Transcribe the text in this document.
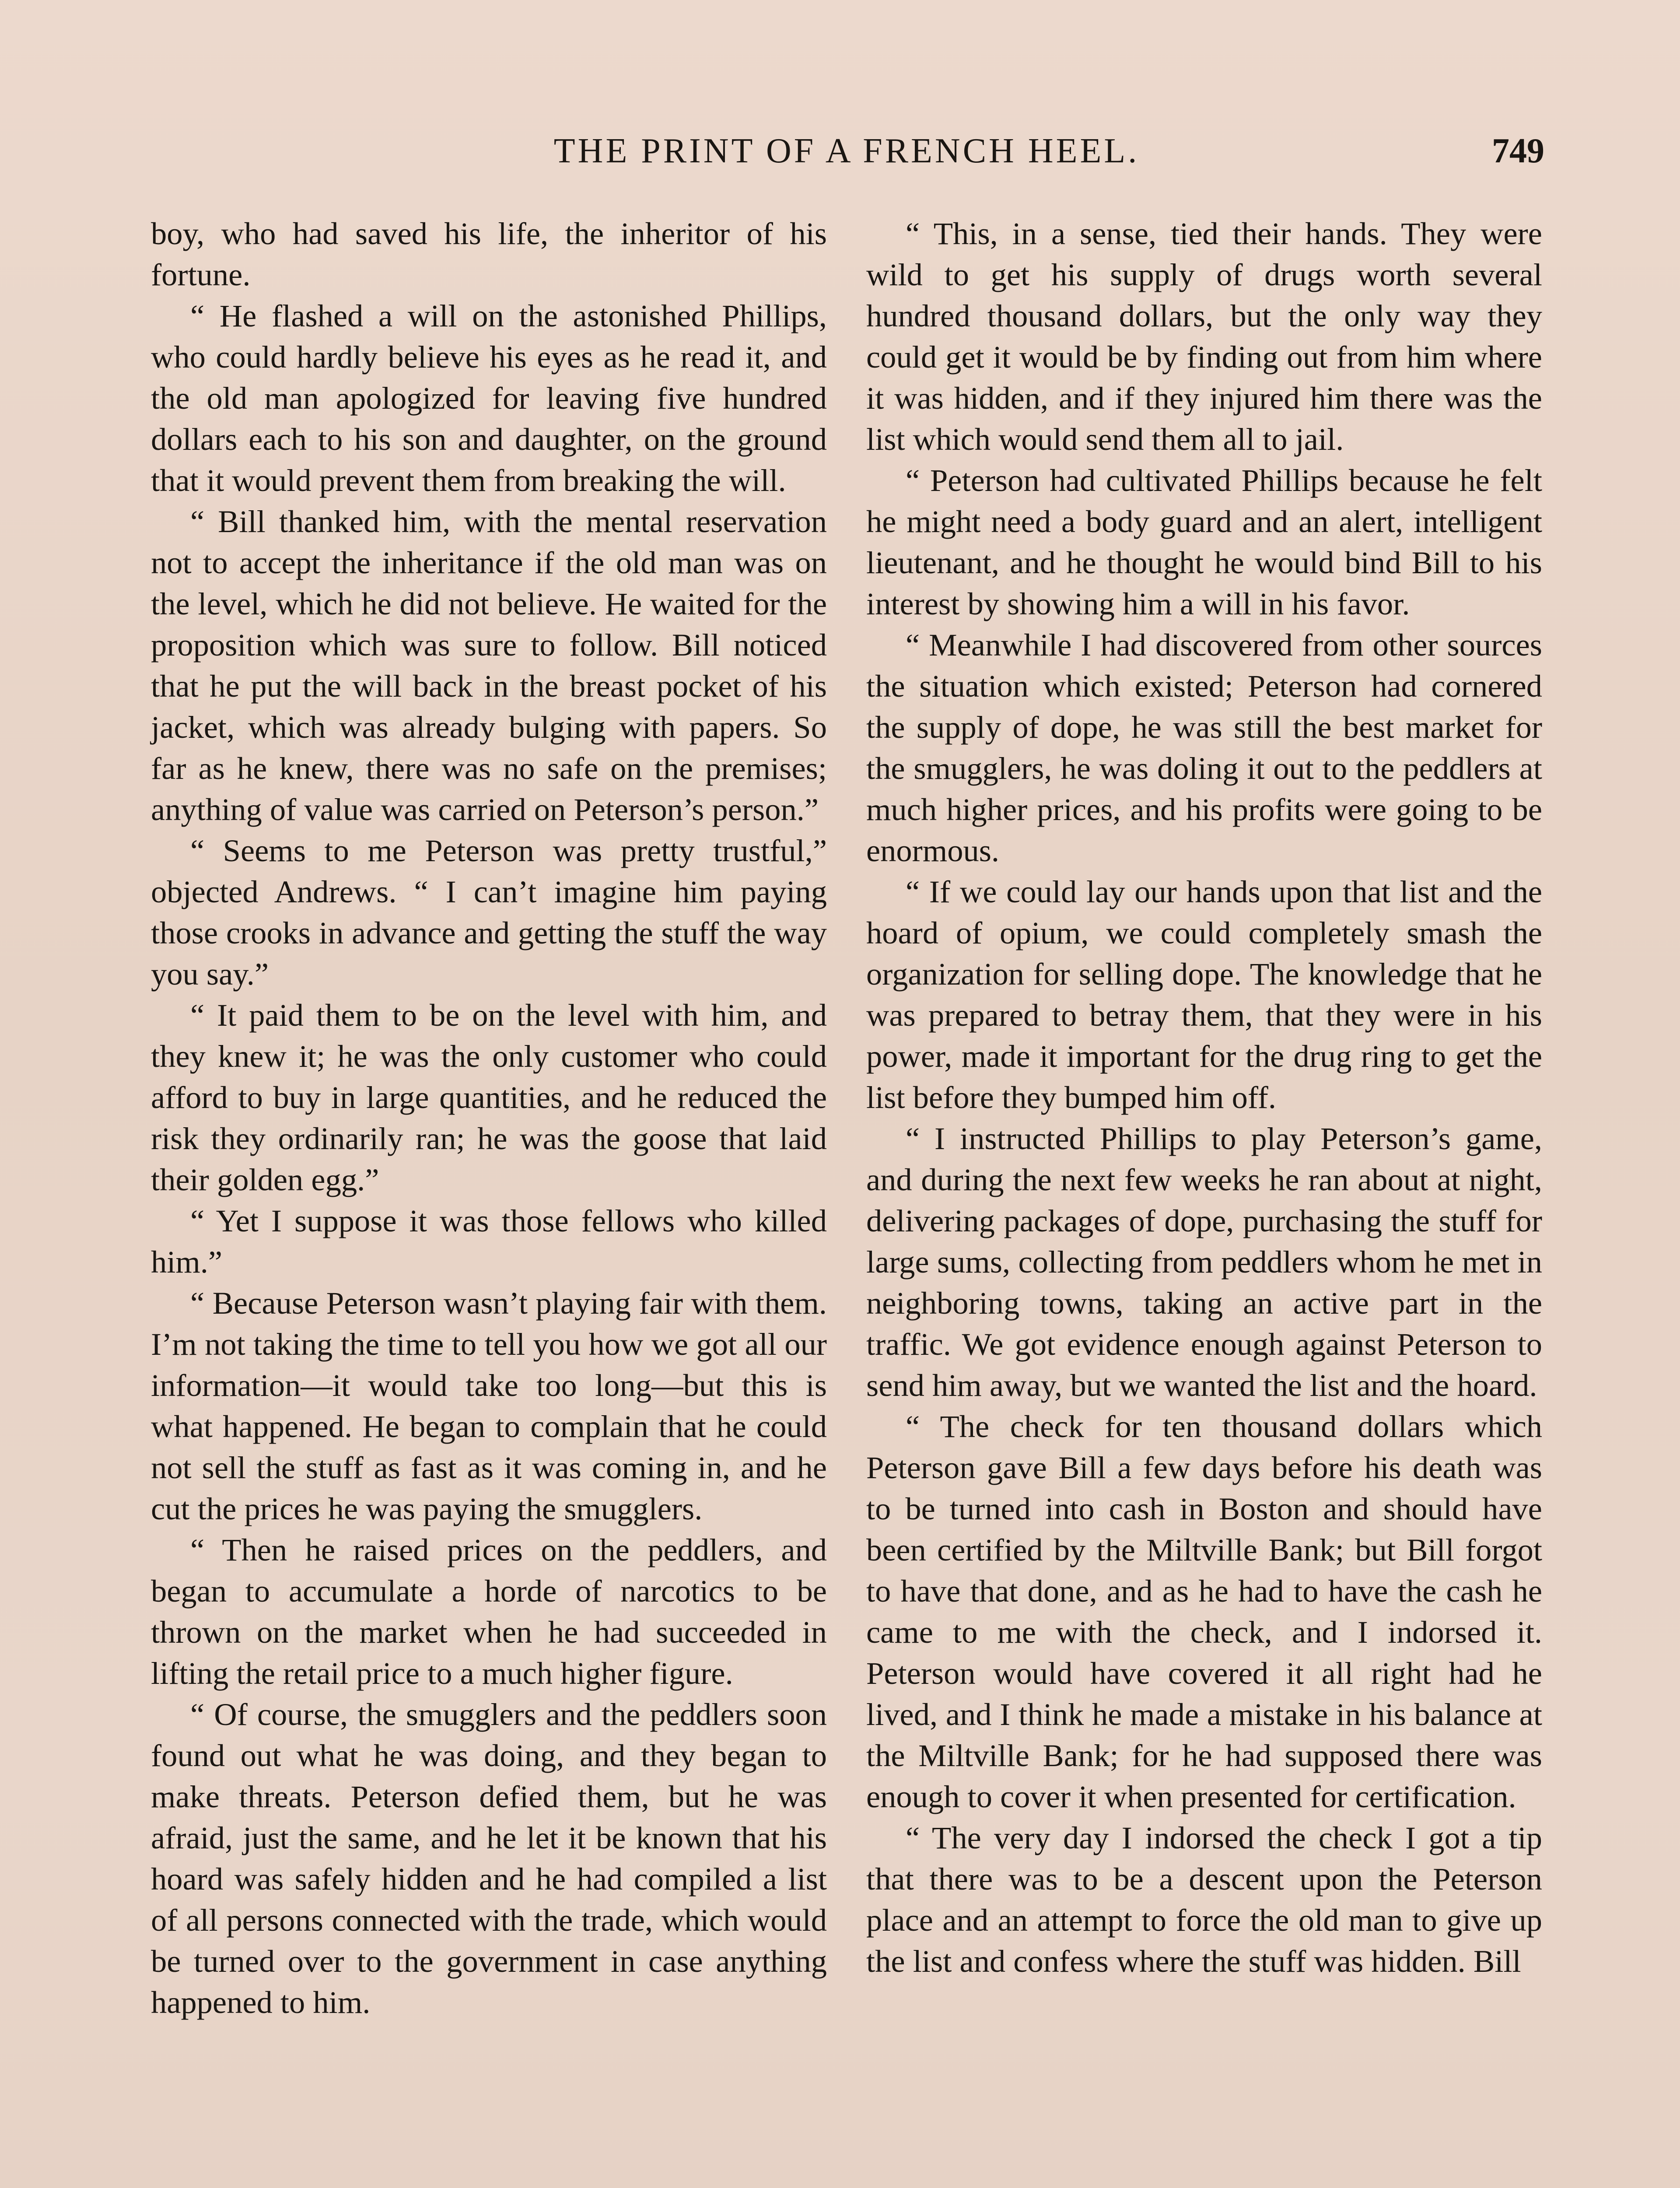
THE PRINT OF A FRENCH HEEL.	749

boy, who had saved his life, the inheritor of his fortune.

“ He flashed a will on the astonished Phillips, who could hardly believe his eyes as he read it, and the old man apologized for leaving five hundred dollars each to his son and daughter, on the ground that it would prevent them from breaking the will.

“ Bill thanked him, with the mental reservation not to accept the inheritance if the old man was on the level, which he did not believe. He waited for the proposition which was sure to follow. Bill noticed that he put the will back in the breast pocket of his jacket, which was already bulging with papers. So far as he knew, there was no safe on the premises; anything of value was carried on Peterson’s person.”

“ Seems to me Peterson was pretty trustful,” objected Andrews. “ I can’t imagine him paying those crooks in advance and getting the stuff the way you say.”

“ It paid them to be on the level with him, and they knew it; he was the only customer who could afford to buy in large quantities, and he reduced the risk they ordinarily ran; he was the goose that laid their golden egg.”

“ Yet I suppose it was those fellows who killed him.”

“ Because Peterson wasn’t playing fair with them. I’m not taking the time to tell you how we got all our information—it would take too long—but this is what happened. He began to complain that he could not sell the stuff as fast as it was coming in, and he cut the prices he was paying the smugglers.

“ Then he raised prices on the peddlers, and began to accumulate a horde of narcotics to be thrown on the market when he had succeeded in lifting the retail price to a much higher figure.

“ Of course, the smugglers and the peddlers soon found out what he was doing, and they began to make threats. Peterson defied them, but he was afraid, just the same, and he let it be known that his hoard was safely hidden and he had compiled a list of all persons connected with the trade, which would be turned over to the government in case anything happened to him.

“ This, in a sense, tied their hands. They were wild to get his supply of drugs worth several hundred thousand dollars, but the only way they could get it would be by finding out from him where it was hidden, and if they injured him there was the list which would send them all to jail.

“ Peterson had cultivated Phillips because he felt he might need a body guard and an alert, intelligent lieutenant, and he thought he would bind Bill to his interest by showing him a will in his favor.

“ Meanwhile I had discovered from other sources the situation which existed; Peterson had cornered the supply of dope, he was still the best market for the smugglers, he was doling it out to the peddlers at much higher prices, and his profits were going to be enormous.

“ If we could lay our hands upon that list and the hoard of opium, we could completely smash the organization for selling dope. The knowledge that he was prepared to betray them, that they were in his power, made it important for the drug ring to get the list before they bumped him off.

“ I instructed Phillips to play Peterson’s game, and during the next few weeks he ran about at night, delivering packages of dope, purchasing the stuff for large sums, collecting from peddlers whom he met in neighboring towns, taking an active part in the traffic. We got evidence enough against Peterson to send him away, but we wanted the list and the hoard.

“ The check for ten thousand dollars which Peterson gave Bill a few days before his death was to be turned into cash in Boston and should have been certified by the Miltville Bank; but Bill forgot to have that done, and as he had to have the cash he came to me with the check, and I indorsed it. Peterson would have covered it all right had he lived, and I think he made a mistake in his balance at the Miltville Bank; for he had supposed there was enough to cover it when presented for certification.

“ The very day I indorsed the check I got a tip that there was to be a descent upon the Peterson place and an attempt to force the old man to give up the list and confess where the stuff was hidden. Bill
